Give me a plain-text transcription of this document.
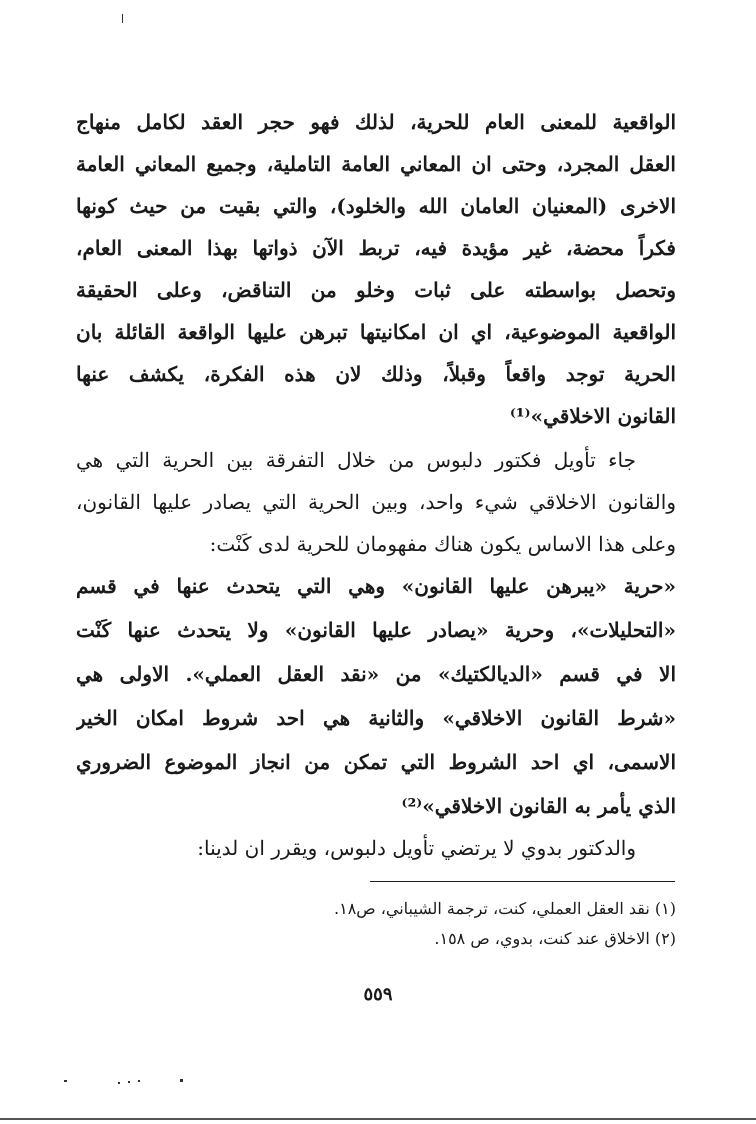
الواقعية للمعنى العام للحرية، لذلك فهو حجر العقد لكامل منهاج
العقل المجرد، وحتى ان المعاني العامة التاملية، وجميع المعاني العامة
الاخرى (المعنيان العامان الله والخلود)، والتي بقيت من حيث كونها
فكراً محضة، غير مؤيدة فيه، تربط الآن ذواتها بهذا المعنى العام،
وتحصل بواسطته على ثبات وخلو من التناقض، وعلى الحقيقة
الواقعية الموضوعية، اي ان امكانيتها تبرهن عليها الواقعة القائلة بان
الحرية توجد واقعاً وقبلاً، وذلك لان هذه الفكرة، يكشف عنها
القانون الاخلاقي»⁽¹⁾
جاء تأويل فكتور دلبوس من خلال التفرقة بين الحرية التي هي
والقانون الاخلاقي شيء واحد، وبين الحرية التي يصادر عليها القانون،
وعلى هذا الاساس يكون هناك مفهومان للحرية لدى كَنْت:
«حرية «يبرهن عليها القانون» وهي التي يتحدث عنها في قسم
«التحليلات»، وحرية «يصادر عليها القانون» ولا يتحدث عنها كَنْت
الا في قسم «الديالكتيك» من «نقد العقل العملي». الاولى هي
«شرط القانون الاخلاقي» والثانية هي احد شروط امكان الخير
الاسمى، اي احد الشروط التي تمكن من انجاز الموضوع الضروري
الذي يأمر به القانون الاخلاقي»⁽²⁾
والدكتور بدوي لا يرتضي تأويل دلبوس، ويقرر ان لدينا:
(١) نقد العقل العملي، كنت، ترجمة الشيباني، ص١٨.
(٢) الاخلاق عند كنت، بدوي، ص ١٥٨.
٥٥٩
